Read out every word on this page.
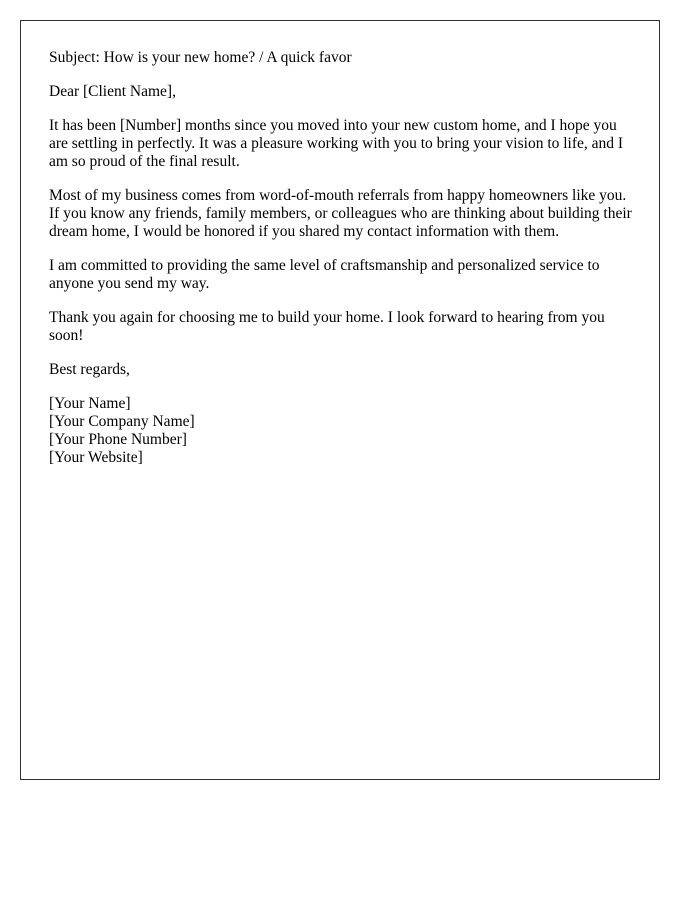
Subject: How is your new home? / A quick favor

Dear [Client Name],

It has been [Number] months since you moved into your new custom home, and I hope you are settling in perfectly. It was a pleasure working with you to bring your vision to life, and I am so proud of the final result.

Most of my business comes from word-of-mouth referrals from happy homeowners like you. If you know any friends, family members, or colleagues who are thinking about building their dream home, I would be honored if you shared my contact information with them.

I am committed to providing the same level of craftsmanship and personalized service to anyone you send my way.

Thank you again for choosing me to build your home. I look forward to hearing from you soon!

Best regards,

[Your Name]
[Your Company Name]
[Your Phone Number]
[Your Website]
